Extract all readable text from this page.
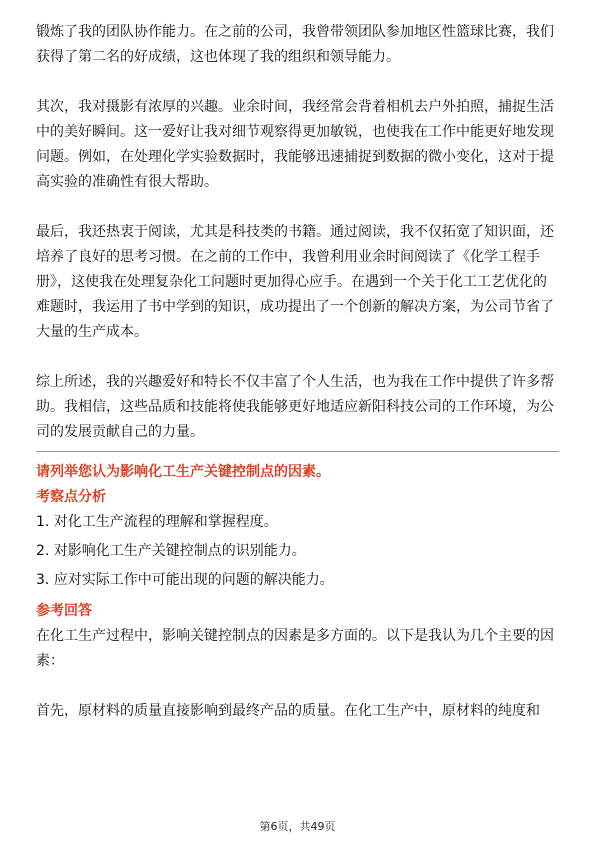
锻炼了我的团队协作能力。在之前的公司，我曾带领团队参加地区性篮球比赛，我们获得了第二名的好成绩，这也体现了我的组织和领导能力。

其次，我对摄影有浓厚的兴趣。业余时间，我经常会背着相机去户外拍照，捕捉生活中的美好瞬间。这一爱好让我对细节观察得更加敏锐，也使我在工作中能更好地发现问题。例如，在处理化学实验数据时，我能够迅速捕捉到数据的微小变化，这对于提高实验的准确性有很大帮助。

最后，我还热衷于阅读，尤其是科技类的书籍。通过阅读，我不仅拓宽了知识面，还培养了良好的思考习惯。在之前的工作中，我曾利用业余时间阅读了《化学工程手册》，这使我在处理复杂化工问题时更加得心应手。在遇到一个关于化工工艺优化的难题时，我运用了书中学到的知识，成功提出了一个创新的解决方案，为公司节省了大量的生产成本。

综上所述，我的兴趣爱好和特长不仅丰富了个人生活，也为我在工作中提供了许多帮助。我相信，这些品质和技能将使我能够更好地适应新阳科技公司的工作环境，为公司的发展贡献自己的力量。

请列举您认为影响化工生产关键控制点的因素。

考察点分析

1. 对化工生产流程的理解和掌握程度。

2. 对影响化工生产关键控制点的识别能力。

3. 应对实际工作中可能出现的问题的解决能力。

参考回答

在化工生产过程中，影响关键控制点的因素是多方面的。以下是我认为几个主要的因素：

首先，原材料的质量直接影响到最终产品的质量。在化工生产中，原材料的纯度和

第6页，共49页
